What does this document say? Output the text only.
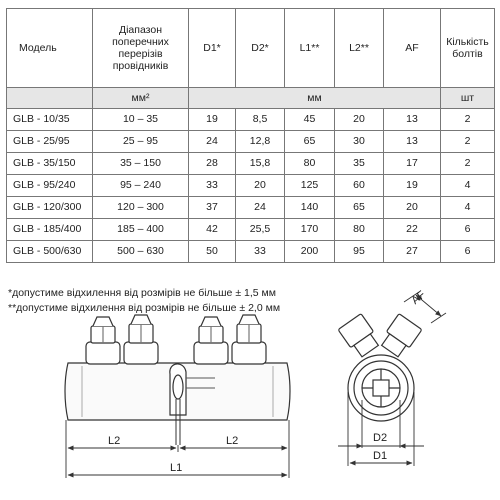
Модель	Діапазон
поперечних
перерізів
провідників	D1*	D2*	L1**	L2**	AF	Кількість
болтів
	мм²	мм					шт
GLB - 10/35	10 – 35	19	8,5	45	20	13	2
GLB - 25/95	25 – 95	24	12,8	65	30	13	2
GLB - 35/150	35 – 150	28	15,8	80	35	17	2
GLB - 95/240	95 – 240	33	20	125	60	19	4
GLB - 120/300	120 – 300	37	24	140	65	20	4
GLB - 185/400	185 – 400	42	25,5	170	80	22	6
GLB - 500/630	500 – 630	50	33	200	95	27	6
*допустиме відхилення від розмірів не більше ± 1,5 мм
**допустиме відхилення від розмірів не більше ± 2,0 мм
L2	L2
L1
AF
D2
D1
